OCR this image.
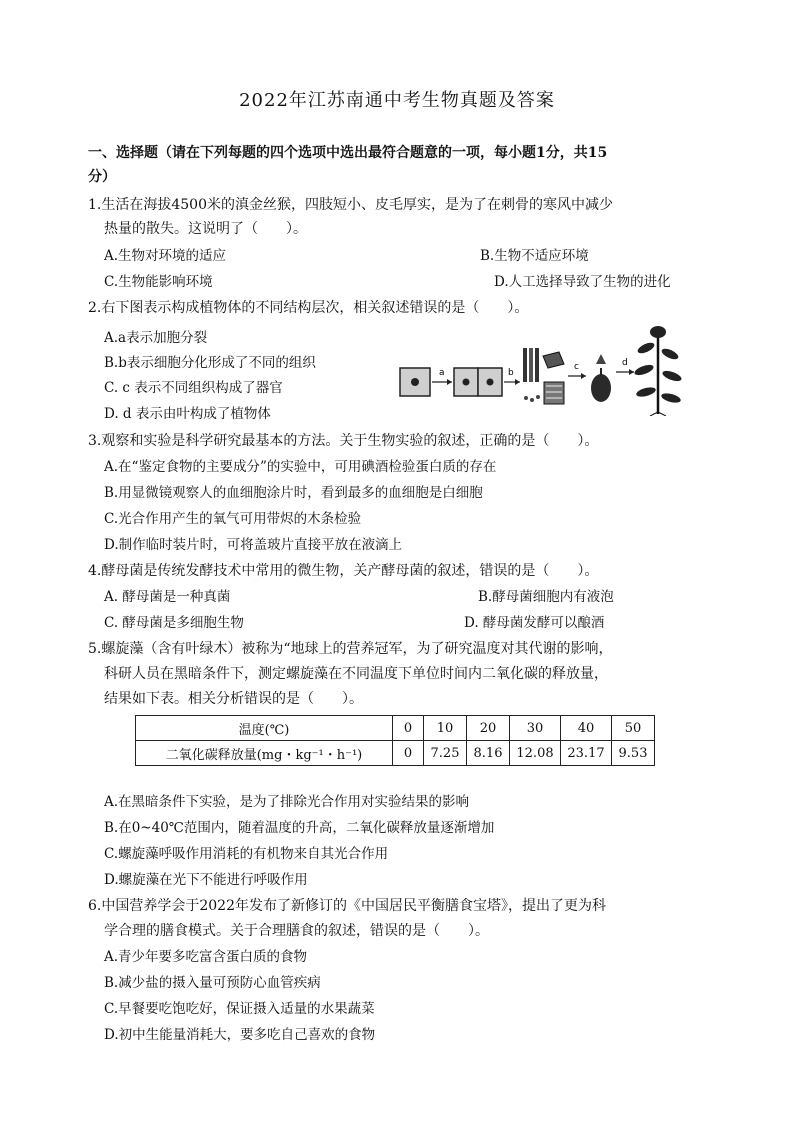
2022年江苏南通中考生物真题及答案
一、选择题（请在下列每题的四个选项中选出最符合题意的一项，每小题1分，共15
分）
1.生活在海拔4500米的滇金丝猴，四肢短小、皮毛厚实，是为了在刺骨的寒风中减少
热量的散失。这说明了（　　）。
A.生物对环境的适应	B.生物不适应环境
C.生物能影响环境	D.人工选择导致了生物的进化
2.右下图表示构成植物体的不同结构层次，相关叙述错误的是（　　）。
A.a表示加胞分裂
B.b表示细胞分化形成了不同的组织
C. c 表示不同组织构成了器官
D. d 表示由叶构成了植物体
a	b
c	d
3.观察和实验是科学研究最基本的方法。关于生物实验的叙述，正确的是（　　）。
A.在“鉴定食物的主要成分”的实验中，可用碘酒检验蛋白质的存在
B.用显微镜观察人的血细胞涂片时，看到最多的血细胞是白细胞
C.光合作用产生的氧气可用带烬的木条检验
D.制作临时装片时，可将盖玻片直接平放在液滴上
4.酵母菌是传统发酵技术中常用的微生物，关产酵母菌的叙述，错误的是（　　）。
A. 酵母菌是一种真菌	B.酵母菌细胞内有液泡
C. 酵母菌是多细胞生物	D. 酵母菌发酵可以酿酒
5.螺旋藻（含有叶绿木）被称为“地球上的营养冠军，为了研究温度对其代谢的影响，
科研人员在黑暗条件下，测定螺旋藻在不同温度下单位时间内二氧化碳的释放量，
结果如下表。相关分析错误的是（　　）。
温度(℃)	0	10	20	30	40	50
二氧化碳释放量(mg・kg⁻¹・h⁻¹)	0	7.25	8.16	12.08	23.17	9.53
A.在黑暗条件下实验，是为了排除光合作用对实验结果的影响
B.在0~40℃范围内，随着温度的升高，二氧化碳释放量逐渐增加
C.螺旋藻呼吸作用消耗的有机物来自其光合作用
D.螺旋藻在光下不能进行呼吸作用
6.中国营养学会于2022年发布了新修订的《中国居民平衡膳食宝塔》，提出了更为科
学合理的膳食模式。关于合理膳食的叙述，错误的是（　　）。
A.青少年要多吃富含蛋白质的食物
B.减少盐的摄入量可预防心血管疾病
C.早餐要吃饱吃好，保证摄入适量的水果蔬菜
D.初中生能量消耗大，要多吃自己喜欢的食物
